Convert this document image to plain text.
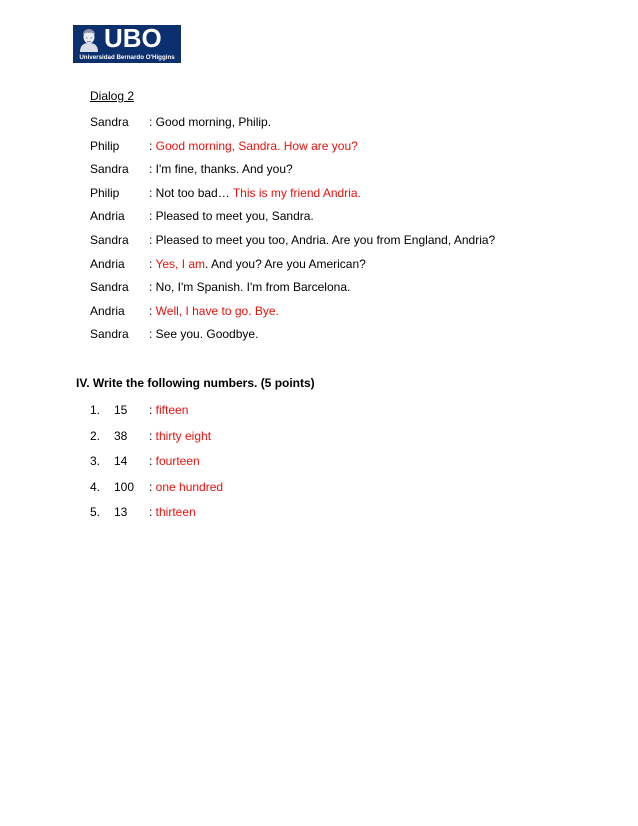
UBO
Universidad Bernardo O'Higgins
Dialog 2
Sandra : Good morning, Philip.
Philip : Good morning, Sandra. How are you?
Sandra : I'm fine, thanks. And you?
Philip : Not too bad… This is my friend Andria.
Andria : Pleased to meet you, Sandra.
Sandra : Pleased to meet you too, Andria. Are you from England, Andria?
Andria : Yes, I am. And you? Are you American?
Sandra : No, I'm Spanish. I'm from Barcelona.
Andria : Well, I have to go. Bye.
Sandra : See you. Goodbye.
IV. Write the following numbers. (5 points)
1. 15 : fifteen
2. 38 : thirty eight
3. 14 : fourteen
4. 100 : one hundred
5. 13 : thirteen
